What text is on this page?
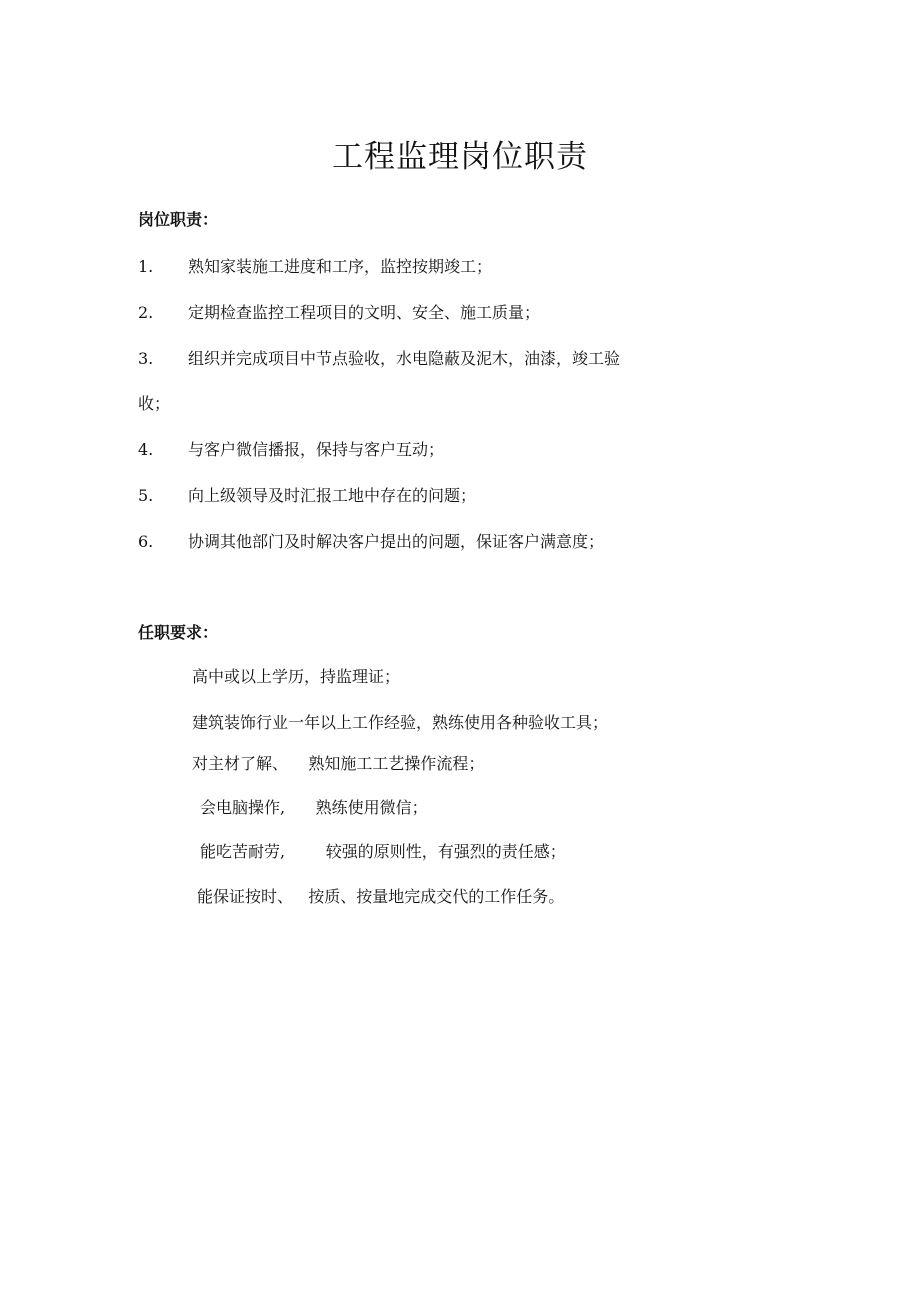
工程监理岗位职责
岗位职责：
1. 熟知家装施工进度和工序，监控按期竣工；
2. 定期检查监控工程项目的文明、安全、施工质量；
3. 组织并完成项目中节点验收，水电隐蔽及泥木，油漆，竣工验
收；
4. 与客户微信播报，保持与客户互动；
5. 向上级领导及时汇报工地中存在的问题；
6. 协调其他部门及时解决客户提出的问题，保证客户满意度；
任职要求：
高中或以上学历，持监理证；
建筑装饰行业一年以上工作经验，熟练使用各种验收工具；
对主材了解、    熟知施工工艺操作流程；
会电脑操作,      熟练使用微信；
能吃苦耐劳,        较强的原则性，有强烈的责任感；
能保证按时、   按质、按量地完成交代的工作任务。
